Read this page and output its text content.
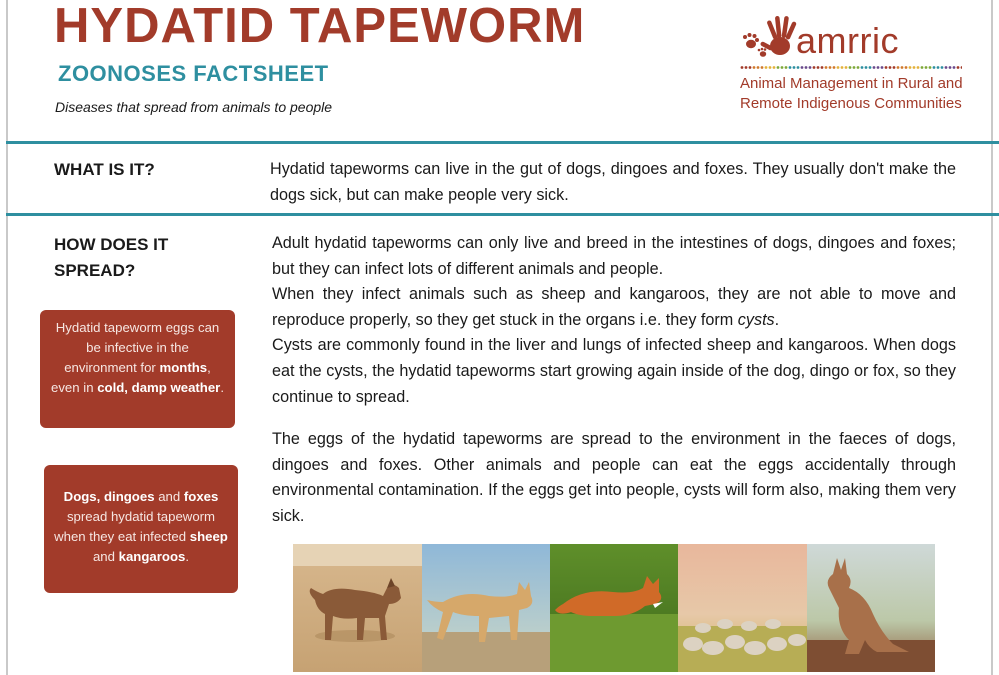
HYDATID TAPEWORM
ZOONOSES FACTSHEET
Diseases that spread from animals to people
amrric
Animal Management in Rural and
Remote Indigenous Communities
WHAT IS IT?	Hydatid tapeworms can live in the gut of dogs, dingoes and foxes. They usually don't make the dogs sick, but can make people very sick.
HOW DOES IT SPREAD?

Adult hydatid tapeworms can only live and breed in the intestines of dogs, dingoes and foxes; but they can infect lots of different animals and people.

When they infect animals such as sheep and kangaroos, they are not able to move and reproduce properly, so they get stuck in the organs i.e. they form cysts.

Cysts are commonly found in the liver and lungs of infected sheep and kangaroos. When dogs eat the cysts, the hydatid tapeworms start growing again inside of the dog, dingo or fox, so they continue to spread.

The eggs of the hydatid tapeworms are spread to the environment in the faeces of dogs, dingoes and foxes. Other animals and people can eat the eggs accidentally through environmental contamination. If the eggs get into people, cysts will form also, making them very sick.
Hydatid tapeworm eggs can be infective in the environment for months, even in cold, damp weather.
Dogs, dingoes and foxes spread hydatid tapeworm when they eat infected sheep and kangaroos.
